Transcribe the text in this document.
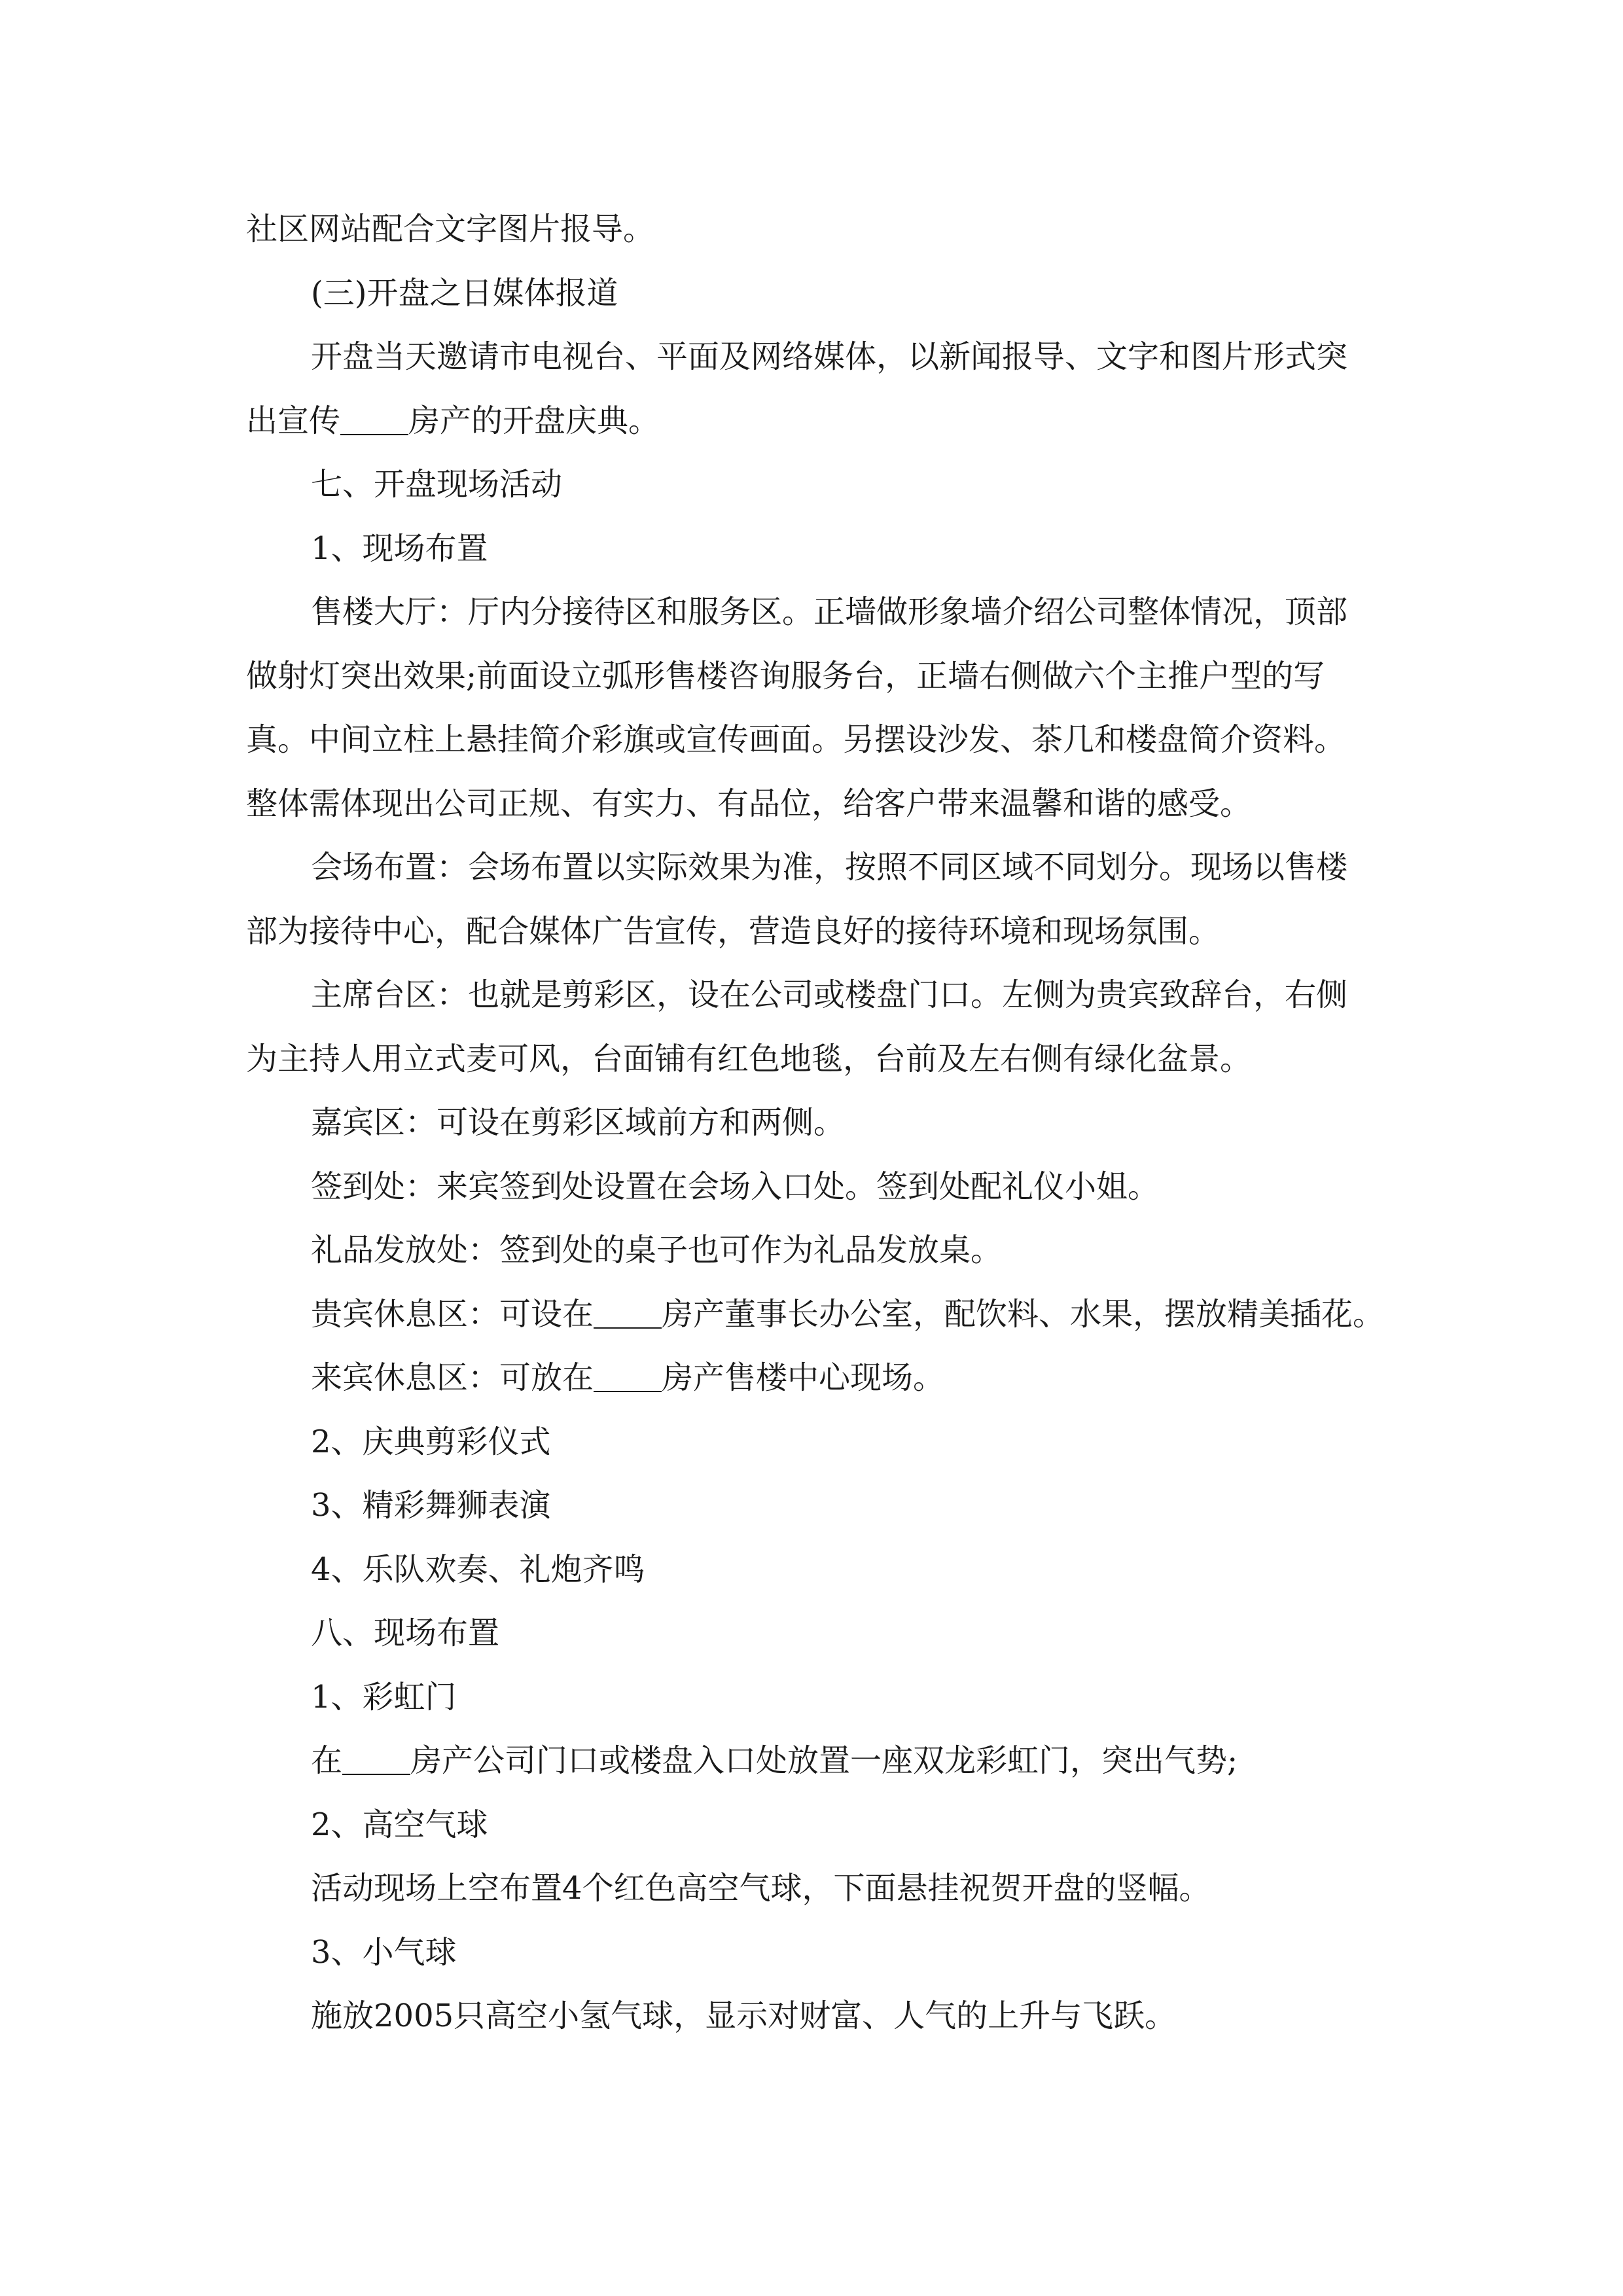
社区网站配合文字图片报导。
(三)开盘之日媒体报道
开盘当天邀请市电视台、平面及网络媒体，以新闻报导、文字和图片形式突
出宣传 房产的开盘庆典。
七、开盘现场活动
1、现场布置
售楼大厅：厅内分接待区和服务区。正墙做形象墙介绍公司整体情况，顶部
做射灯突出效果;前面设立弧形售楼咨询服务台，正墙右侧做六个主推户型的写
真。中间立柱上悬挂简介彩旗或宣传画面。另摆设沙发、茶几和楼盘简介资料。
整体需体现出公司正规、有实力、有品位，给客户带来温馨和谐的感受。
会场布置：会场布置以实际效果为准，按照不同区域不同划分。现场以售楼
部为接待中心，配合媒体广告宣传，营造良好的接待环境和现场氛围。
主席台区：也就是剪彩区，设在公司或楼盘门口。左侧为贵宾致辞台，右侧
为主持人用立式麦可风，台面铺有红色地毯，台前及左右侧有绿化盆景。
嘉宾区：可设在剪彩区域前方和两侧。
签到处：来宾签到处设置在会场入口处。签到处配礼仪小姐。
礼品发放处：签到处的桌子也可作为礼品发放桌。
贵宾休息区：可设在 房产董事长办公室，配饮料、水果，摆放精美插花。
来宾休息区：可放在 房产售楼中心现场。
2、庆典剪彩仪式
3、精彩舞狮表演
4、乐队欢奏、礼炮齐鸣
八、现场布置
1、彩虹门
在 房产公司门口或楼盘入口处放置一座双龙彩虹门，突出气势;
2、高空气球
活动现场上空布置4个红色高空气球，下面悬挂祝贺开盘的竖幅。
3、小气球
施放2005只高空小氢气球，显示对财富、人气的上升与飞跃。
